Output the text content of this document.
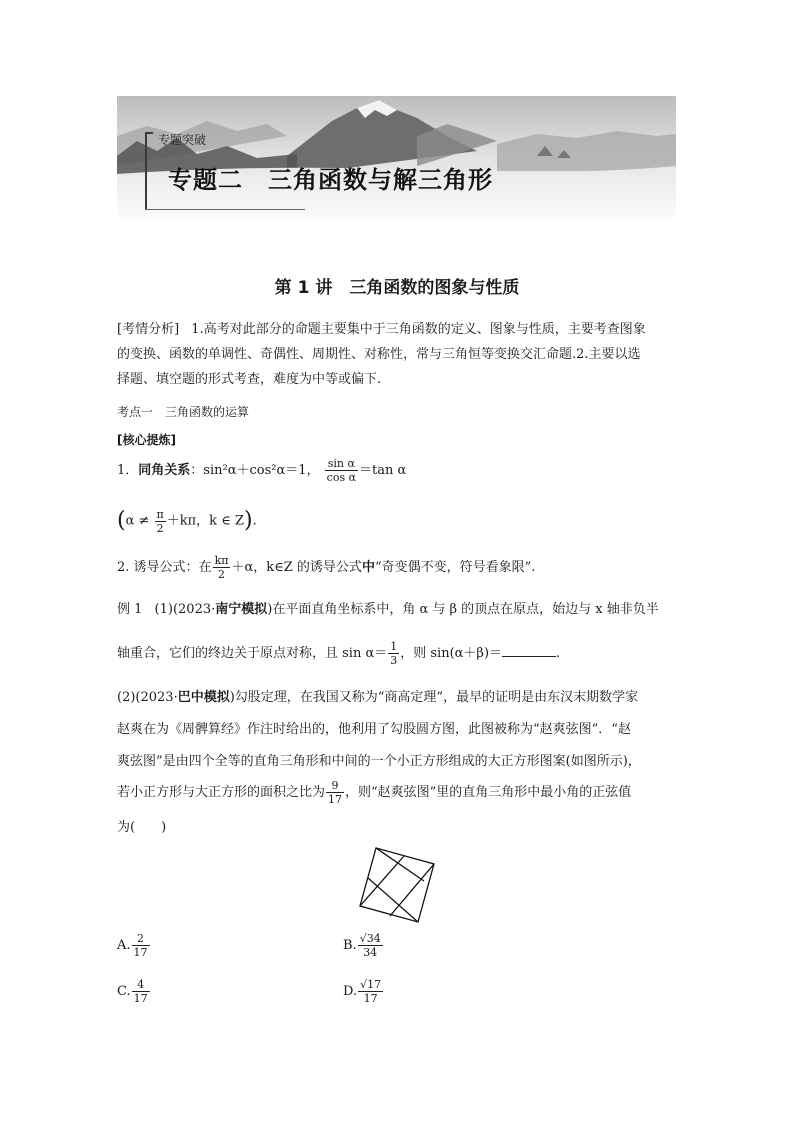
专题突破
专题二　三角函数与解三角形
第 1 讲　三角函数的图象与性质
[考情分析] 1.高考对此部分的命题主要集中于三角函数的定义、图象与性质，主要考查图象
的变换、函数的单调性、奇偶性、周期性、对称性，常与三角恒等变换交汇命题.2.主要以选
择题、填空题的形式考查，难度为中等或偏下.
考点一　三角函数的运算
[核心提炼]
1．同角关系：sin²α＋cos²α＝1， $\frac{\text{sin α}}{\text{cos α}} =\tan$ α
($\alpha \ne \frac{\pi}{2} +k\pi$，k ∈ Z).
2. 诱导公式：在 $\frac{k\pi}{2} +\alpha$，k∈Z 的诱导公式中“奇变偶不变，符号看象限”.
例 1 (1)(2023·南宁模拟)在平面直角坐标系中，角 α 与 β 的顶点在原点，始边与 x 轴非负半
轴重合，它们的终边关于原点对称，且 $\sin \alpha= \frac{1}{3}$ ，则 sin(α＋β)＝	.
(2)(2023·巴中模拟)勾股定理，在我国又称为“商高定理”，最早的证明是由东汉末期数学家
赵爽在为《周髀算经》作注时给出的，他利用了勾股圆方图，此图被称为“赵爽弦图”．“赵
爽弦图”是由四个全等的直角三角形和中间的一个小正方形组成的大正方形图案(如图所示)，
若小正方形与大正方形的面积之比为 $\frac{9}{17}$ ，则“赵爽弦图”里的直角三角形中最小角的正弦值
为(　　)
A. $\frac{2}{17}$	B. $\frac{√34}{34}$
C. $\frac{4}{17}$	D. $\frac{√17}{17}$
